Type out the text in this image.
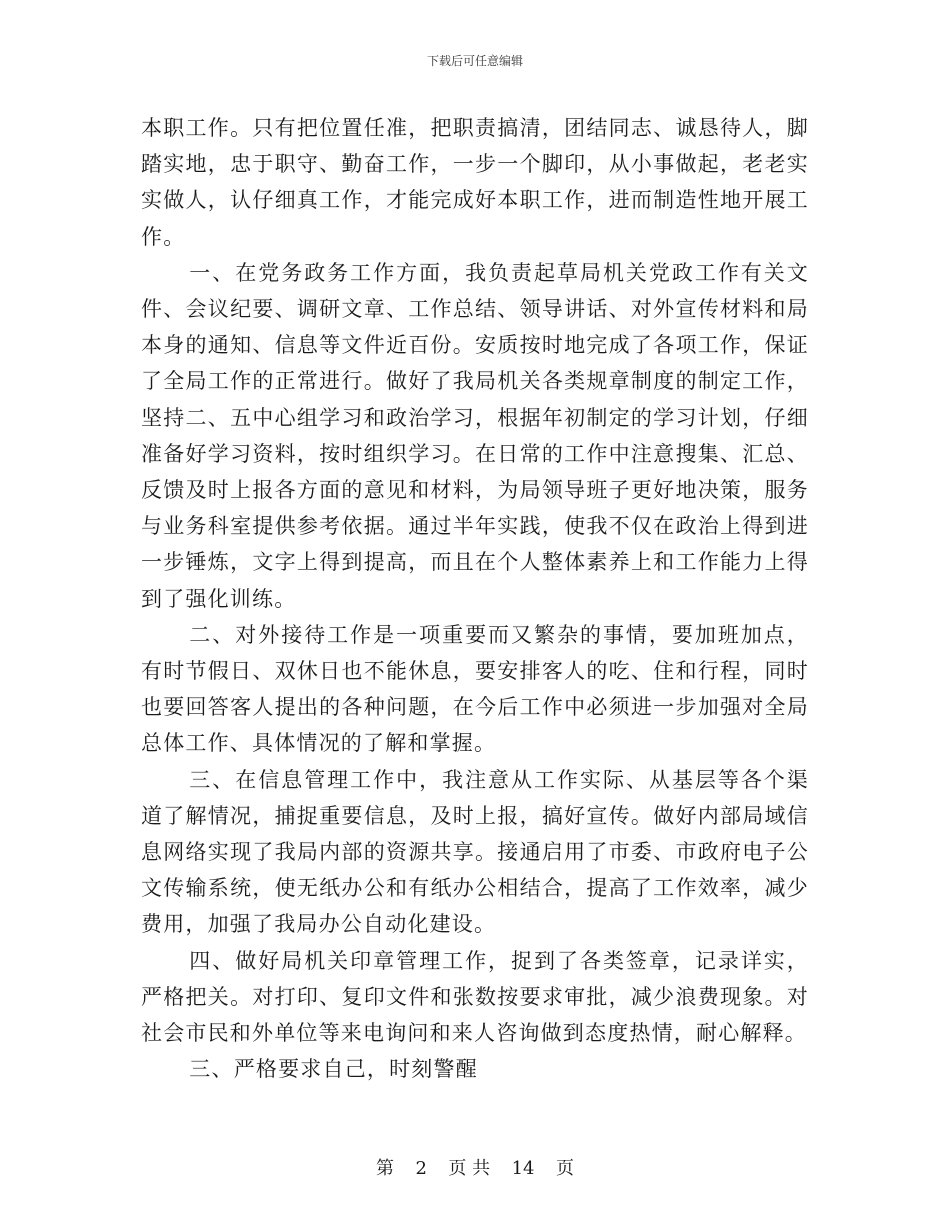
下载后可任意编辑

本职工作。只有把位置任准，把职责搞清，团结同志、诚恳待人，脚踏实地，忠于职守、勤奋工作，一步一个脚印，从小事做起，老老实实做人，认仔细真工作，才能完成好本职工作，进而制造性地开展工作。

一、在党务政务工作方面，我负责起草局机关党政工作有关文件、会议纪要、调研文章、工作总结、领导讲话、对外宣传材料和局本身的通知、信息等文件近百份。安质按时地完成了各项工作，保证了全局工作的正常进行。做好了我局机关各类规章制度的制定工作，坚持二、五中心组学习和政治学习，根据年初制定的学习计划，仔细准备好学习资料，按时组织学习。在日常的工作中注意搜集、汇总、反馈及时上报各方面的意见和材料，为局领导班子更好地决策，服务与业务科室提供参考依据。通过半年实践，使我不仅在政治上得到进一步锤炼，文字上得到提高，而且在个人整体素养上和工作能力上得到了强化训练。

二、对外接待工作是一项重要而又繁杂的事情，要加班加点，有时节假日、双休日也不能休息，要安排客人的吃、住和行程，同时也要回答客人提出的各种问题，在今后工作中必须进一步加强对全局总体工作、具体情况的了解和掌握。

三、在信息管理工作中，我注意从工作实际、从基层等各个渠道了解情况，捕捉重要信息，及时上报，搞好宣传。做好内部局域信息网络实现了我局内部的资源共享。接通启用了市委、市政府电子公文传输系统，使无纸办公和有纸办公相结合，提高了工作效率，减少费用，加强了我局办公自动化建设。

四、做好局机关印章管理工作，捉到了各类签章，记录详实，严格把关。对打印、复印文件和张数按要求审批，减少浪费现象。对社会市民和外单位等来电询问和来人咨询做到态度热情，耐心解释。

三、严格要求自己，时刻警醒

第 2 页 共 14 页
